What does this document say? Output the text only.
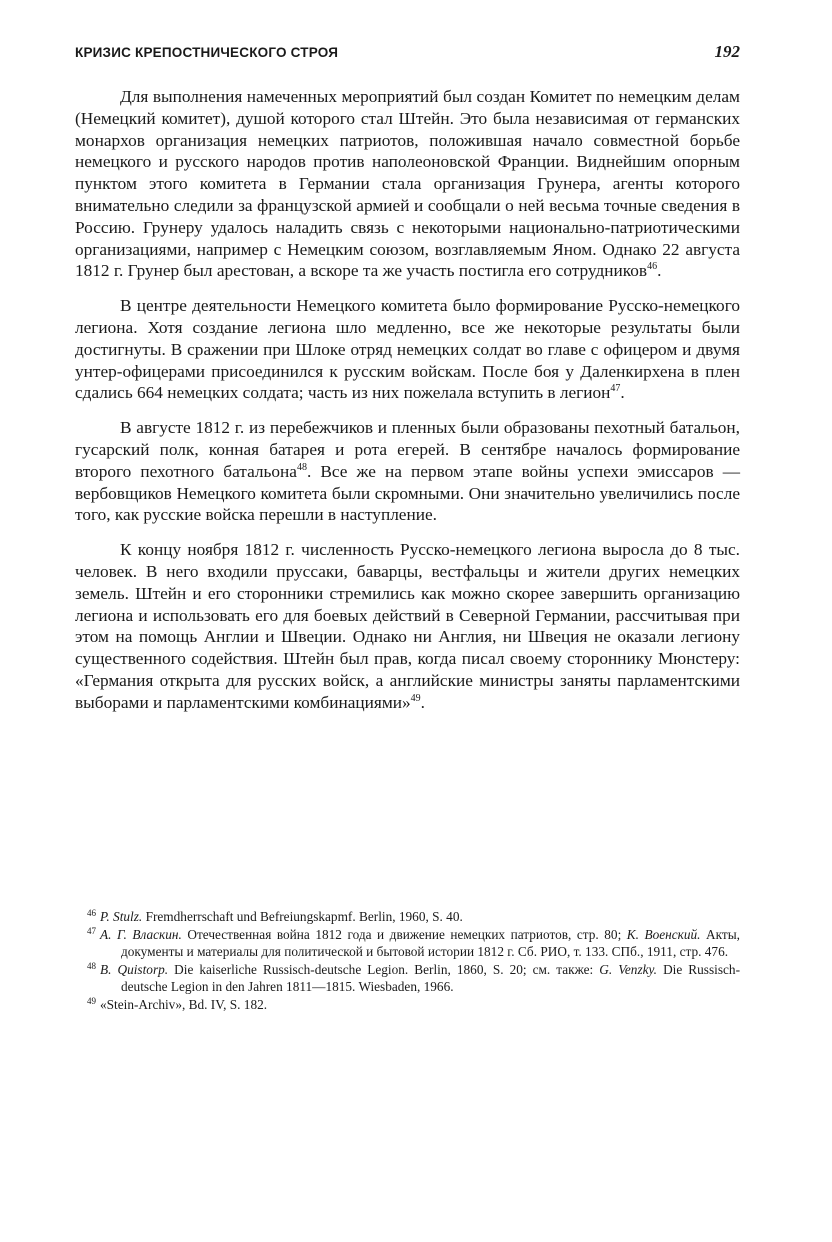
КРИЗИС КРЕПОСТНИЧЕСКОГО СТРОЯ	192

Для выполнения намеченных мероприятий был создан Комитет по немецким делам (Немецкий комитет), душой которого стал Штейн. Это была независимая от германских монархов организация немецких патриотов, положившая начало совместной борьбе немецкого и русского народов против наполеоновской Франции. Виднейшим опорным пунктом этого комитета в Германии стала организация Грунера, агенты которого внимательно следили за французской армией и сообщали о ней весьма точные сведения в Россию. Грунеру удалось наладить связь с некоторыми национально-патриотическими организациями, например с Немецким союзом, возглавляемым Яном. Однако 22 августа 1812 г. Грунер был арестован, а вскоре та же участь постигла его сотрудников$^{46}$.

В центре деятельности Немецкого комитета было формирование Русско-немецкого легиона. Хотя создание легиона шло медленно, все же некоторые результаты были достигнуты. В сражении при Шлоке отряд немецких солдат во главе с офицером и двумя унтер-офицерами присоединился к русским войскам. После боя у Даленкирхена в плен сдались 664 немецких солдата; часть из них пожелала вступить в легион$^{47}$.

В августе 1812 г. из перебежчиков и пленных были образованы пехотный батальон, гусарский полк, конная батарея и рота егерей. В сентябре началось формирование второго пехотного батальона$^{48}$. Все же на первом этапе войны успехи эмиссаров — вербовщиков Немецкого комитета были скромными. Они значительно увеличились после того, как русские войска перешли в наступление.

К концу ноября 1812 г. численность Русско-немецкого легиона выросла до 8 тыс. человек. В него входили пруссаки, баварцы, вестфальцы и жители других немецких земель. Штейн и его сторонники стремились как можно скорее завершить организацию легиона и использовать его для боевых действий в Северной Германии, рассчитывая при этом на помощь Англии и Швеции. Однако ни Англия, ни Швеция не оказали легиону существенного содействия. Штейн был прав, когда писал своему стороннику Мюнстеру: «Германия открыта для русских войск, а английские министры заняты парламентскими выборами и парламентскими комбинациями»$^{49}$.

$^{46}$ P. Stulz. Fremdherrschaft und Befreiungskapmf. Berlin, 1960, S. 40.

$^{47}$ А. Г. Власкин. Отечественная война 1812 года и движение немецких патриотов, стр. 80; К. Военский. Акты, документы и материалы для политической и бытовой истории 1812 г. Сб. РИО, т. 133. СПб., 1911, стр. 476.

$^{48}$ B. Quistorp. Die kaiserliche Russisch-deutsche Legion. Berlin, 1860, S. 20; см. также: G. Venzky. Die Russisch-deutsche Legion in den Jahren 1811—1815. Wiesbaden, 1966.

$^{49}$ «Stein-Archiv», Bd. IV, S. 182.
